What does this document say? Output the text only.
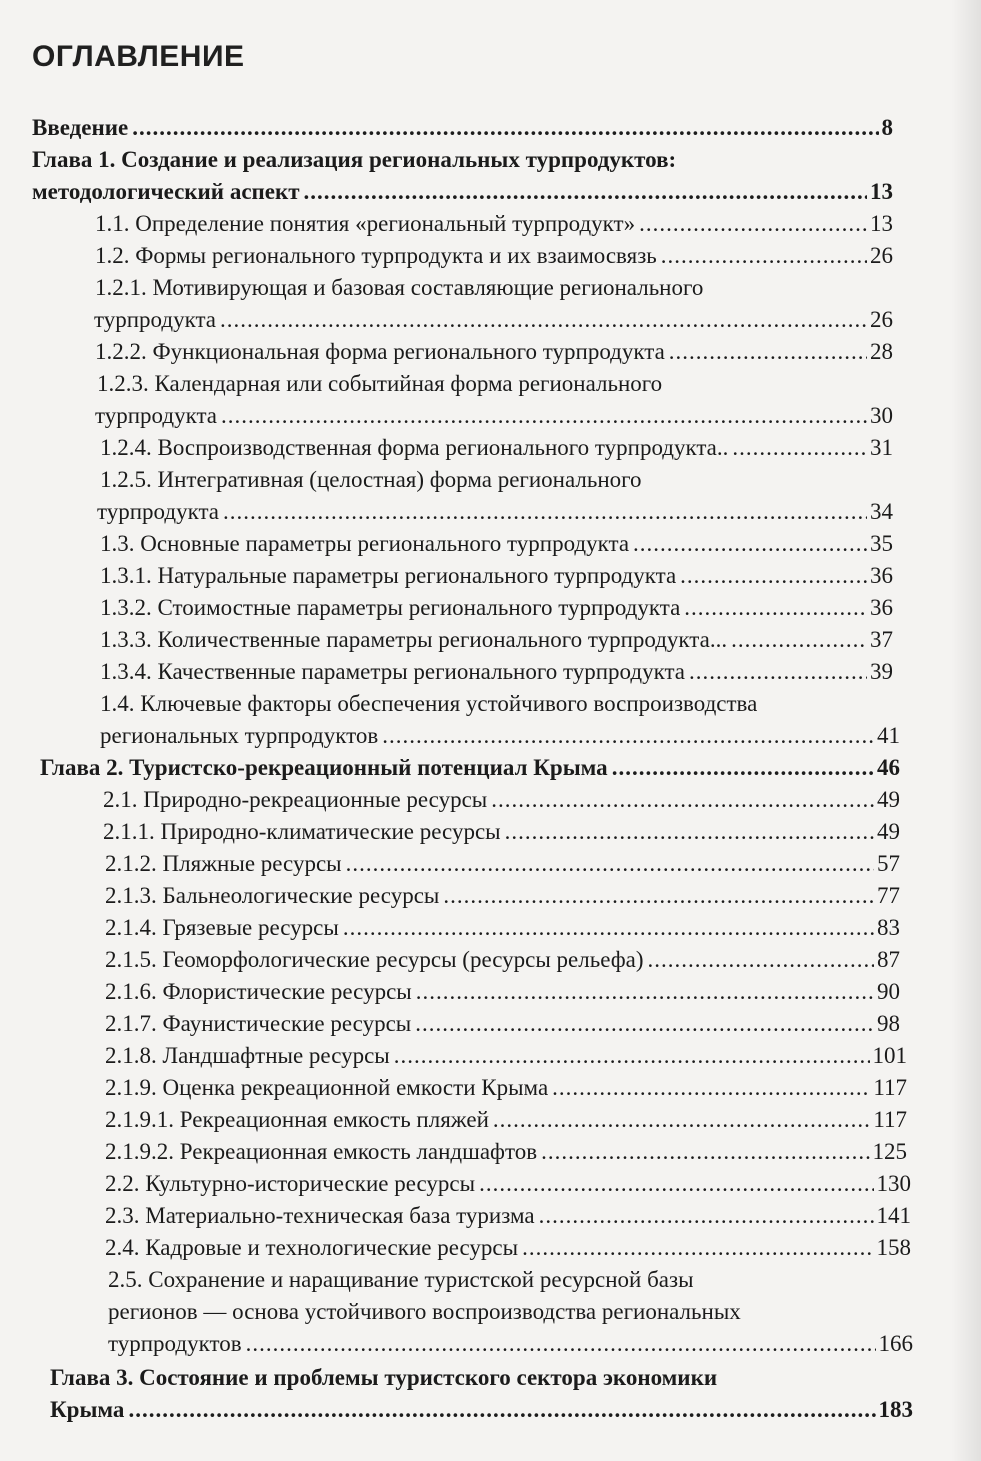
ОГЛАВЛЕНИЕ
Введение .....	8
Глава 1. Создание и реализация региональных турпродуктов:
методологический аспект .....	13
1.1. Определение понятия «региональный турпродукт» .....	13
1.2. Формы регионального турпродукта и их взаимосвязь .....	26
1.2.1. Мотивирующая и базовая составляющие регионального
турпродукта .....	26
1.2.2. Функциональная форма регионального турпродукта .....	28
1.2.3. Календарная или событийная форма регионального
турпродукта .....	30
1.2.4. Воспроизводственная форма регионального турпродукта.. .....	31
1.2.5. Интегративная (целостная) форма регионального
турпродукта .....	34
1.3. Основные параметры регионального турпродукта .....	35
1.3.1. Натуральные параметры регионального турпродукта .....	36
1.3.2. Стоимостные параметры регионального турпродукта .....	36
1.3.3. Количественные параметры регионального турпродукта... .....	37
1.3.4. Качественные параметры регионального турпродукта .....	39
1.4. Ключевые факторы обеспечения устойчивого воспроизводства
региональных турпродуктов .....	41
Глава 2. Туристско-рекреационный потенциал Крыма .....	46
2.1. Природно-рекреационные ресурсы .....	49
2.1.1. Природно-климатические ресурсы .....	49
2.1.2. Пляжные ресурсы .....	57
2.1.3. Бальнеологические ресурсы .....	77
2.1.4. Грязевые ресурсы .....	83
2.1.5. Геоморфологические ресурсы (ресурсы рельефа) .....	87
2.1.6. Флористические ресурсы .....	90
2.1.7. Фаунистические ресурсы .....	98
2.1.8. Ландшафтные ресурсы .....	101
2.1.9. Оценка рекреационной емкости Крыма .....	117
2.1.9.1. Рекреационная емкость пляжей .....	117
2.1.9.2. Рекреационная емкость ландшафтов .....	125
2.2. Культурно-исторические ресурсы .....	130
2.3. Материально-техническая база туризма .....	141
2.4. Кадровые и технологические ресурсы .....	158
2.5. Сохранение и наращивание туристской ресурсной базы
регионов — основа устойчивого воспроизводства региональных
турпродуктов .....	166
Глава 3. Состояние и проблемы туристского сектора экономики
Крыма .....	183
